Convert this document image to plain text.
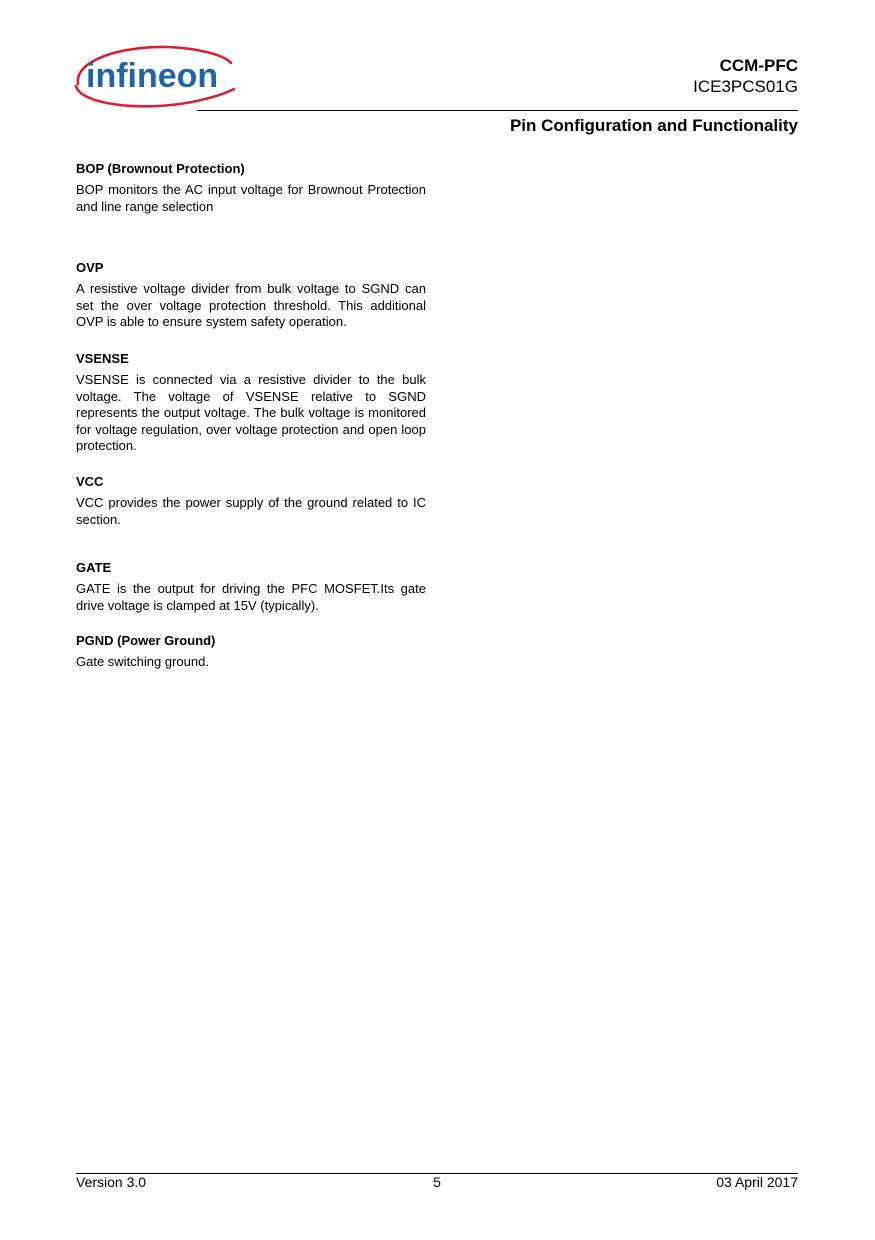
infineon	CCM-PFC
ICE3PCS01G
Pin Configuration and Functionality
BOP (Brownout Protection)

BOP monitors the AC input voltage for Brownout Protection and line range selection

OVP

A resistive voltage divider from bulk voltage to SGND can set the over voltage protection threshold. This additional OVP is able to ensure system safety operation.

VSENSE

VSENSE is connected via a resistive divider to the bulk voltage. The voltage of VSENSE relative to SGND represents the output voltage. The bulk voltage is monitored for voltage regulation, over voltage protection and open loop protection.

VCC

VCC provides the power supply of the ground related to IC section.

GATE

GATE is the output for driving the PFC MOSFET.Its gate drive voltage is clamped at 15V (typically).

PGND (Power Ground)

Gate switching ground.

Version 3.0	5	03 April 2017
